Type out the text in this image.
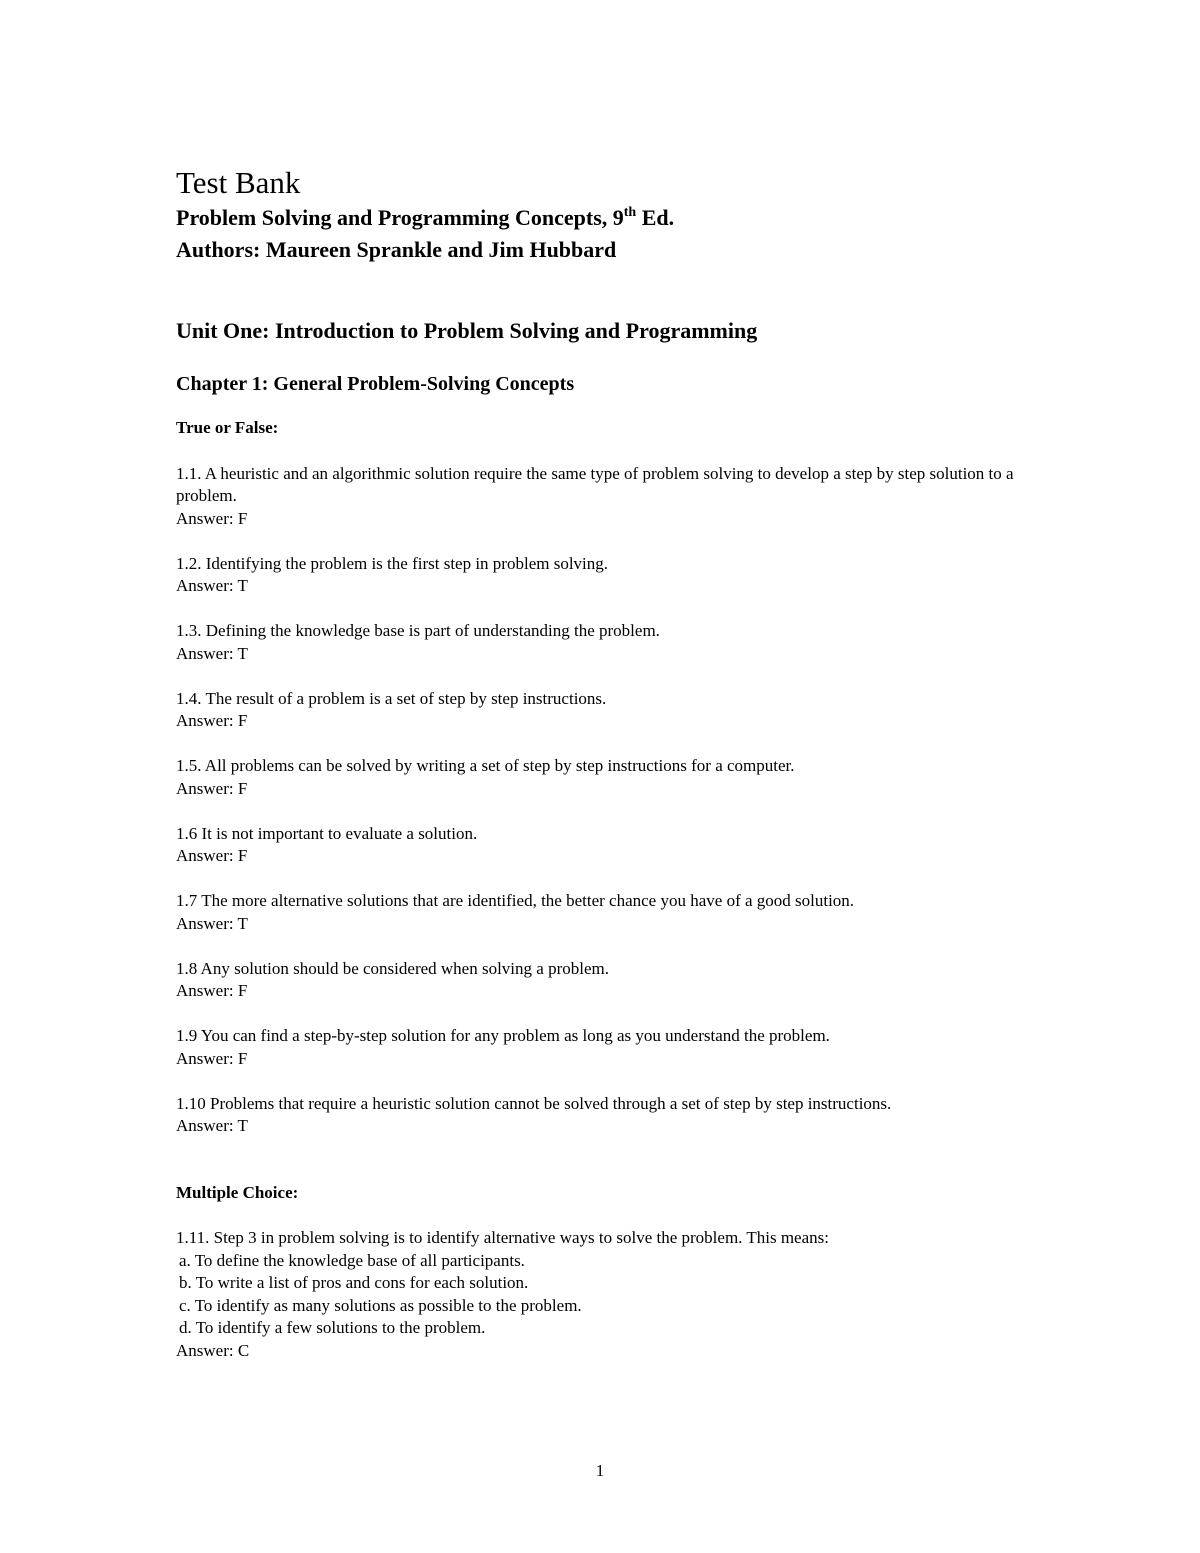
Test Bank

Problem Solving and Programming Concepts, 9th Ed.

Authors: Maureen Sprankle and Jim Hubbard

Unit One: Introduction to Problem Solving and Programming
Chapter 1: General Problem-Solving Concepts
True or False:
1.1. A heuristic and an algorithmic solution require the same type of problem solving to develop a step by step solution to a problem.
Answer: F
1.2. Identifying the problem is the first step in problem solving.
Answer: T
1.3. Defining the knowledge base is part of understanding the problem.
Answer: T
1.4. The result of a problem is a set of step by step instructions.
Answer: F
1.5. All problems can be solved by writing a set of step by step instructions for a computer.
Answer: F
1.6 It is not important to evaluate a solution.
Answer: F
1.7 The more alternative solutions that are identified, the better chance you have of a good solution.
Answer: T
1.8 Any solution should be considered when solving a problem.
Answer: F
1.9 You can find a step-by-step solution for any problem as long as you understand the problem.
Answer: F
1.10 Problems that require a heuristic solution cannot be solved through a set of step by step instructions.
Answer: T
Multiple Choice:
1.11. Step 3 in problem solving is to identify alternative ways to solve the problem. This means:
a. To define the knowledge base of all participants.
b. To write a list of pros and cons for each solution.
c. To identify as many solutions as possible to the problem.
d. To identify a few solutions to the problem.
Answer: C
1
